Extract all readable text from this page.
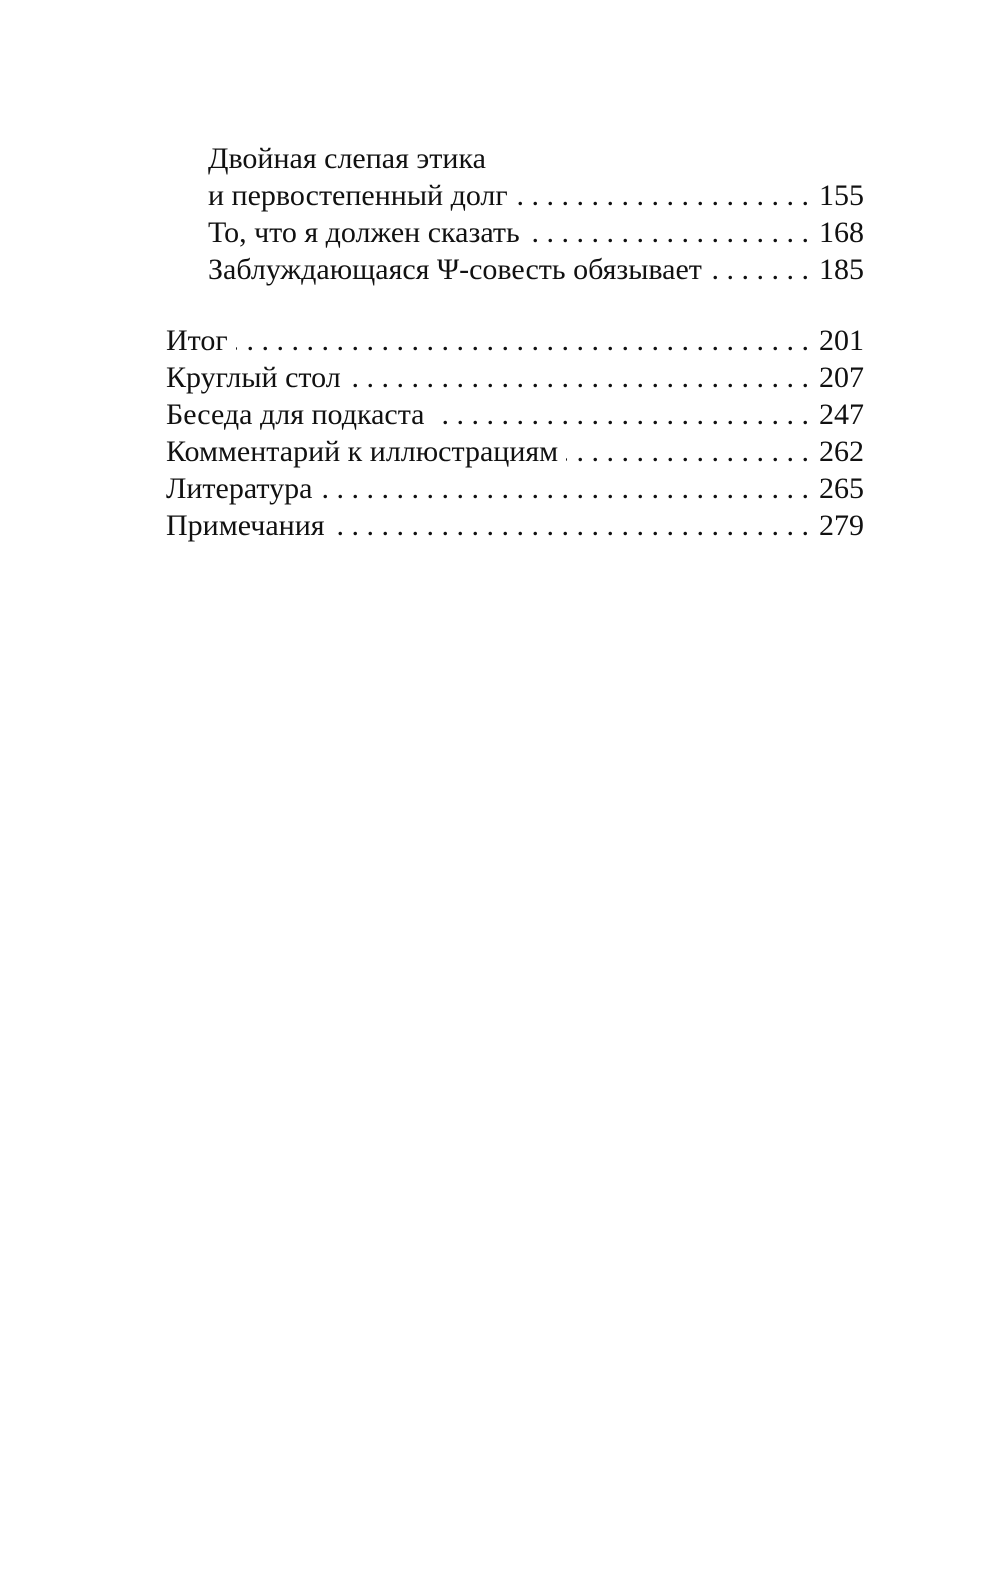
Двойная слепая этика
и первостепенный долг . . .	155
То, что я должен сказать . . .	168
Заблуждающаяся Ψ-совесть обязывает . . .	185
Итог . . .	201
Круглый стол . . .	207
Беседа для подкаста . . .	247
Комментарий к иллюстрациям . . .	262
Литература . . .	265
Примечания . . .	279
